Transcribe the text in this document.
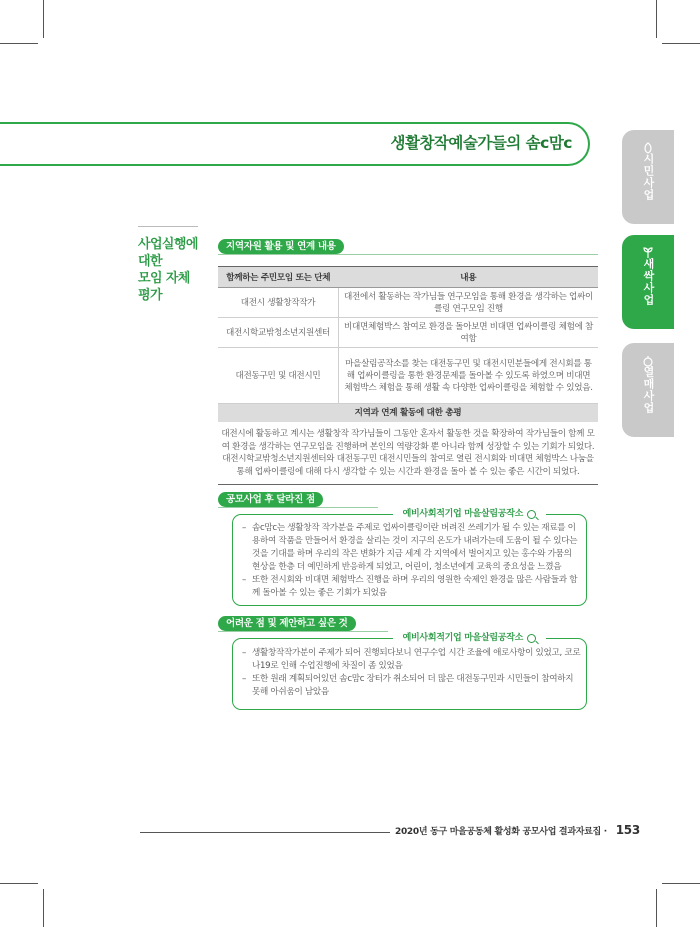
생활창작예술가들의 솜c맘c
시민사업
새싹사업
열매사업
사업실행에
대한
모임 자체
평가
지역자원 활용 및 연계 내용
함께하는 주민모임 또는 단체	내용
대전시 생활창작작가	대전에서 활동하는 작가님들 연구모임을 통해 환경을 생각하는 업싸이클링 연구모임 진행
대전시학교밖청소년지원센터	비대면체험박스 참여로 환경을 돌아보면 비대면 업싸이클링 체험에 참여함
대전동구민 및 대전시민	마을살림공작소를 찾는 대전동구민 및 대전시민분들에게 전시회를 통해 업싸이클링을 통한 환경문제를 돌아볼 수 있도록 하였으며 비대면체험박스 체험을 통해 생활 속 다양한 업싸이클링을 체험할 수 있었음.
지역과 연계 활동에 대한 총평	
대전시에 활동하고 계시는 생활창작 작가님들이 그동안 혼자서 활동한 것을 확장하여 작가님들이 함께 모여 환경을 생각하는 연구모임을 진행하며 본인의 역량강화 뿐 아니라 함께 성장할 수 있는 기회가 되었다. 대전시학교밖청소년지원센터와 대전동구민 대전시민들의 참여로 열린 전시회와 비대면 체험박스 나눔을 통해 업싸이클링에 대해 다시 생각할 수 있는 시간과 환경을 돌아 볼 수 있는 좋은 시간이 되었다.	
공모사업 후 달라진 점
예비사회적기업 마을살림공작소
– 솜c맘c는 생활창작 작가분을 주제로 업싸이클링이란 버려진 쓰레기가 될 수 있는 재료를 이용하여 작품을 만들어서 환경을 살리는 것이 지구의 온도가 내려가는데 도움이 될 수 있다는 것을 기대를 하며 우리의 작은 변화가 지금 세계 각 지역에서 벌어지고 있는 홍수와 가뭄의 현상을 한층 더 예민하게 반응하게 되었고, 어린이, 청소년에게 교육의 중요성을 느꼈음
– 또한 전시회와 비대면 체험박스 진행을 하며 우리의 영원한 숙제인 환경을 많은 사람들과 함께 돌아볼 수 있는 좋은 기회가 되었음
어려운 점 및 제안하고 싶은 것
예비사회적기업 마을살림공작소
– 생활창작작가분이 주제가 되어 진행되다보니 연구수업 시간 조율에 애로사항이 있었고, 코로나19로 인해 수업진행에 차질이 좀 있었음
– 또한 원래 계획되어있던 솜c맘c 장터가 취소되어 더 많은 대전동구민과 시민들이 참여하지 못해 아쉬움이 남았음
2020년 동구 마을공동체 활성화 공모사업 결과자료집 · 153
